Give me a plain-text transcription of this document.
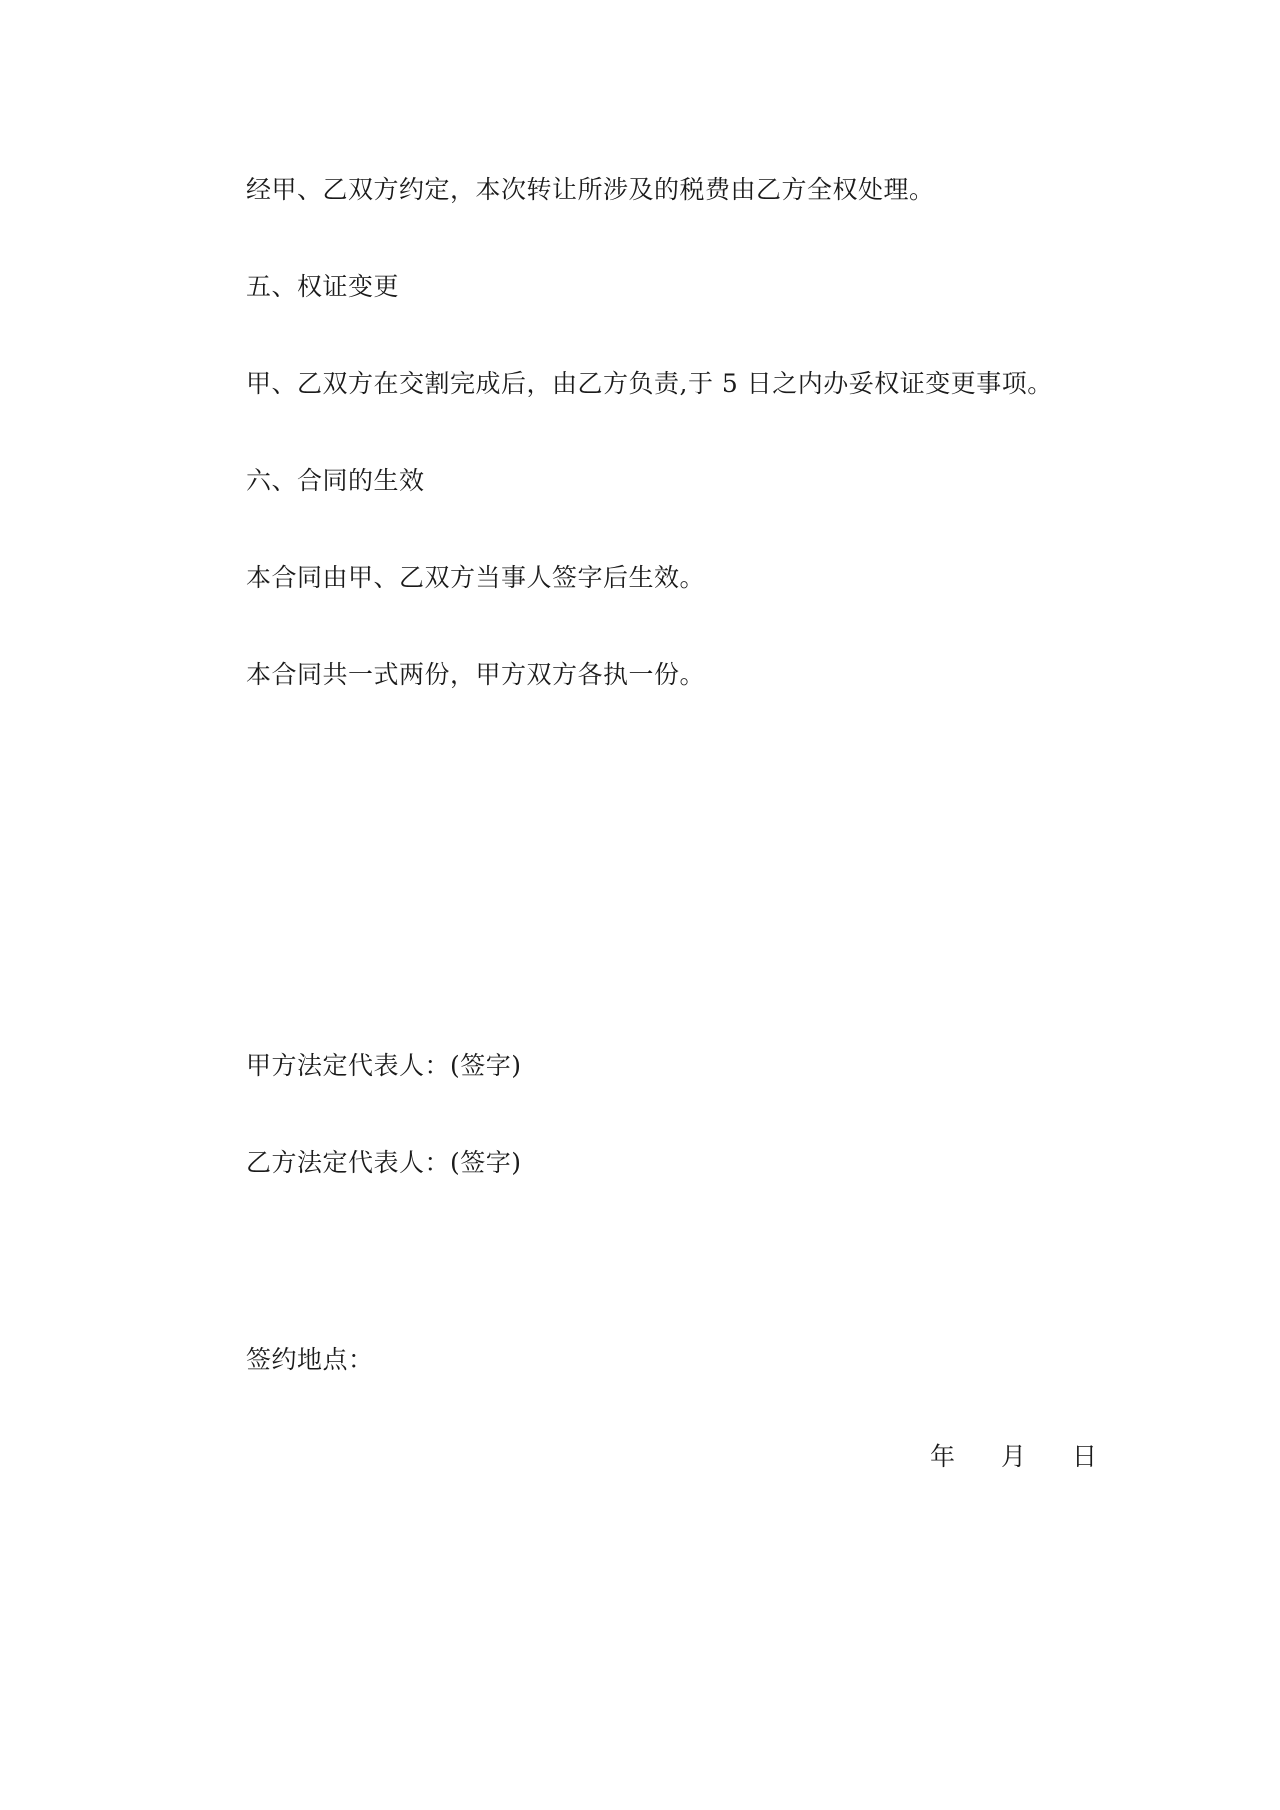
经甲、乙双方约定，本次转让所涉及的税费由乙方全权处理。
五、权证变更
甲、乙双方在交割完成后，由乙方负责,于 5 日之内办妥权证变更事项。
六、合同的生效
本合同由甲、乙双方当事人签字后生效。
本合同共一式两份，甲方双方各执一份。
甲方法定代表人：(签字)
乙方法定代表人：(签字)
签约地点：
年 月 日
